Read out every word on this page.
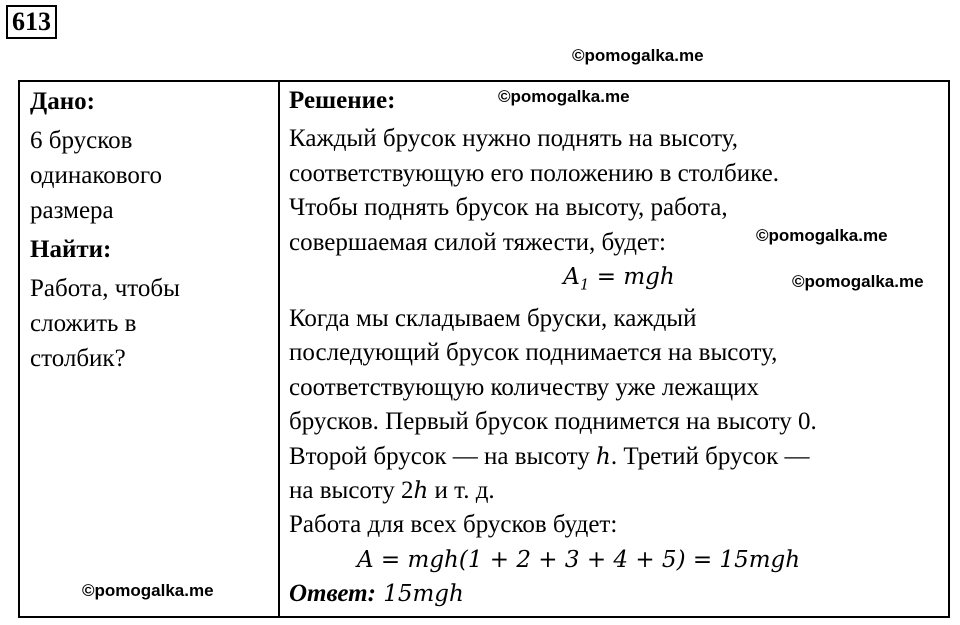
613
©pomogalka.me
©pomogalka.me
©pomogalka.me
©pomogalka.me
©pomogalka.me
Дано:
6 брусков
одинакового
размера
Найти:
Работа, чтобы
сложить в
столбик?
Решение:
Каждый брусок нужно поднять на высоту,
соответствующую его положению в столбике.
Чтобы поднять брусок на высоту, работа,
совершаемая силой тяжести, будет:
$A_1$ = mgh
Когда мы складываем бруски, каждый
последующий брусок поднимается на высоту,
соответствующую количеству уже лежащих
брусков. Первый брусок поднимется на высоту 0.
Второй брусок — на высоту h. Третий брусок —
на высоту 2h и т. д.
Работа для всех брусков будет:
A = mgh(1 + 2 + 3 + 4 + 5) = 15mgh
Ответ: 15mgh
